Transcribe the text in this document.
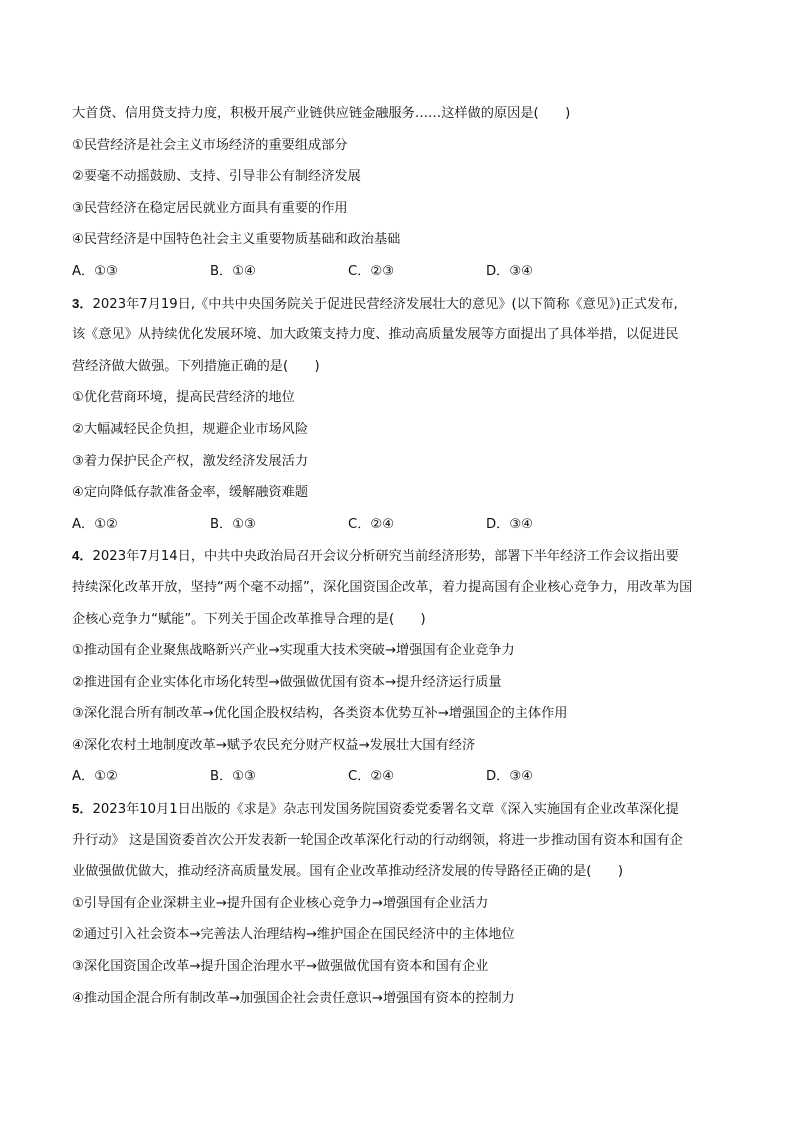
大首贷、信用贷支持力度，积极开展产业链供应链金融服务……这样做的原因是(　　)
①民营经济是社会主义市场经济的重要组成部分
②要毫不动摇鼓励、支持、引导非公有制经济发展
③民营经济在稳定居民就业方面具有重要的作用
④民营经济是中国特色社会主义重要物质基础和政治基础
A．①③	B．①④	C．②③	D．③④
3．2023年7月19日,《中共中央国务院关于促进民营经济发展壮大的意见》(以下简称《意见》)正式发布,
该《意见》从持续优化发展环境、加大政策支持力度、推动高质量发展等方面提出了具体举措，以促进民
营经济做大做强。下列措施正确的是(　　)
①优化营商环境，提高民营经济的地位
②大幅减轻民企负担，规避企业市场风险
③着力保护民企产权，激发经济发展活力
④定向降低存款准备金率，缓解融资难题
A．①②	B．①③	C．②④	D．③④
4．2023年7月14日，中共中央政治局召开会议分析研究当前经济形势，部署下半年经济工作会议指出要
持续深化改革开放，坚持“两个毫不动摇”，深化国资国企改革，着力提高国有企业核心竞争力，用改革为国
企核心竞争力“赋能”。下列关于国企改革推导合理的是(　　)
①推动国有企业聚焦战略新兴产业→实现重大技术突破→增强国有企业竞争力
②推进国有企业实体化市场化转型→做强做优国有资本→提升经济运行质量
③深化混合所有制改革→优化国企股权结构，各类资本优势互补→增强国企的主体作用
④深化农村土地制度改革→赋予农民充分财产权益→发展壮大国有经济
A．①②	B．①③	C．②④	D．③④
5．2023年10月1日出版的《求是》杂志刊发国务院国资委党委署名文章《深入实施国有企业改革深化提
升行动》 这是国资委首次公开发表新一轮国企改革深化行动的行动纲领，将进一步推动国有资本和国有企
业做强做优做大，推动经济高质量发展。国有企业改革推动经济发展的传导路径正确的是(　　)
①引导国有企业深耕主业→提升国有企业核心竞争力→增强国有企业活力
②通过引入社会资本→完善法人治理结构→维护国企在国民经济中的主体地位
③深化国资国企改革→提升国企治理水平→做强做优国有资本和国有企业
④推动国企混合所有制改革→加强国企社会责任意识→增强国有资本的控制力
